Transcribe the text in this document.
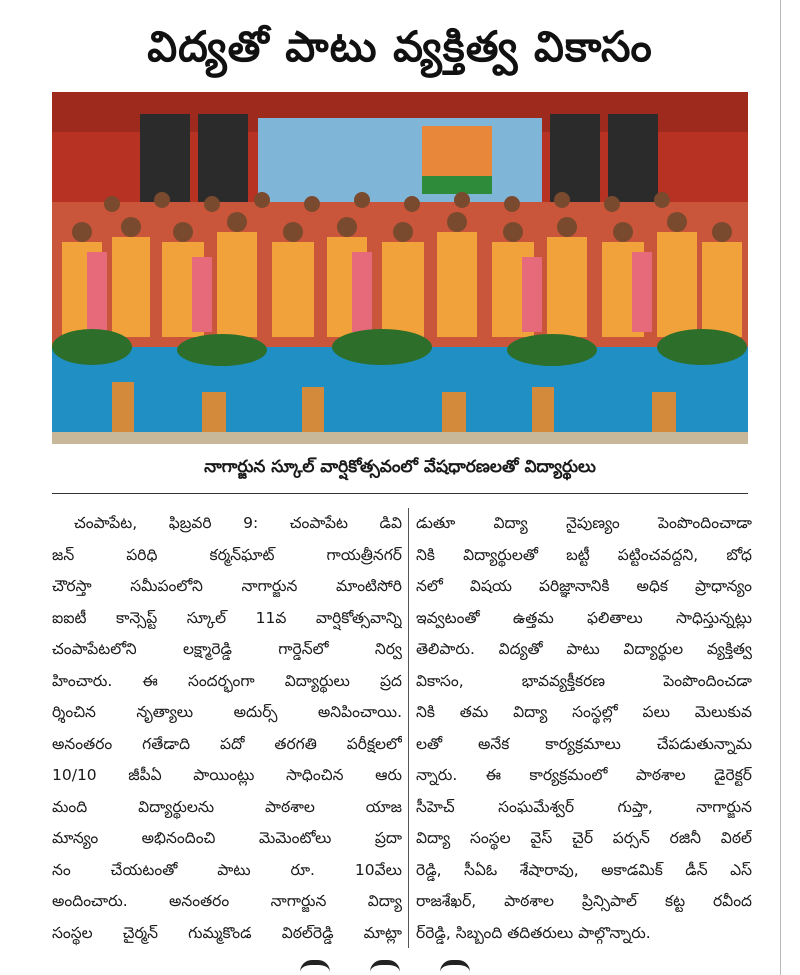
విద్యతో పాటు వ్యక్తిత్వ వికాసం
నాగార్జున స్కూల్ వార్షికోత్సవంలో వేషధారణలతో విద్యార్థులు
చంపాపేట, ఫిబ్రవరి 9: చంపాపేట డివి
జన్ పరిధి కర్మన్‌ఘాట్ గాయత్రీనగర్
చౌరస్తా సమీపంలోని నాగార్జున మాంటిసోరి
ఐఐటీ కాన్సెప్ట్ స్కూల్ 11వ వార్షికోత్సవాన్ని
చంపాపేటలోని లక్ష్మారెడ్డి గార్డెన్‌లో నిర్వ
హించారు. ఈ సందర్భంగా విద్యార్థులు ప్రద
ర్శించిన నృత్యాలు అదుర్స్ అనిపించాయి.
అనంతరం గతేడాది పదో తరగతి పరీక్షలలో
10/10 జీపీఏ పాయింట్లు సాధించిన ఆరు
మంది విద్యార్థులను పాఠశాల యాజ
మాన్యం అభినందించి మెమెంటోలు ప్రదా
నం చేయటంతో పాటు రూ. 10వేలు
అందించారు. అనంతరం నాగార్జున విద్యా
సంస్థల చైర్మన్ గుమ్మకొండ విఠల్‌రెడ్డి మాట్లా
డుతూ విద్యా నైపుణ్యం పెంపొందించాడా
నికి విద్యార్థులతో బట్టీ పట్టించవద్దని, బోధ
నలో విషయ పరిజ్ఞానానికి అధిక ప్రాధాన్యం
ఇవ్వటంతో ఉత్తమ ఫలితాలు సాధిస్తున్నట్లు
తెలిపారు. విద్యతో పాటు విద్యార్థుల వ్యక్తిత్వ
వికాసం, భావవ్యక్తీకరణ పెంపొందించడా
నికి తమ విద్యా సంస్థల్లో పలు మెలుకువ
లతో అనేక కార్యక్రమాలు చేపడుతున్నామ
న్నారు. ఈ కార్యక్రమంలో పాఠశాల డైరెక్టర్
సీహెచ్ సంఘమేశ్వర్ గుప్తా, నాగార్జున
విద్యా సంస్థల వైస్ చైర్ పర్సన్ రజినీ విఠల్
రెడ్డి, సీఏఓ శేషారావు, అకాడమిక్ డీన్ ఎస్
రాజశేఖర్, పాఠశాల ప్రిన్సిపాల్ కట్ట రవీంద
ర్‌రెడ్డి, సిబ్బంది తదితరులు పాల్గొన్నారు.
